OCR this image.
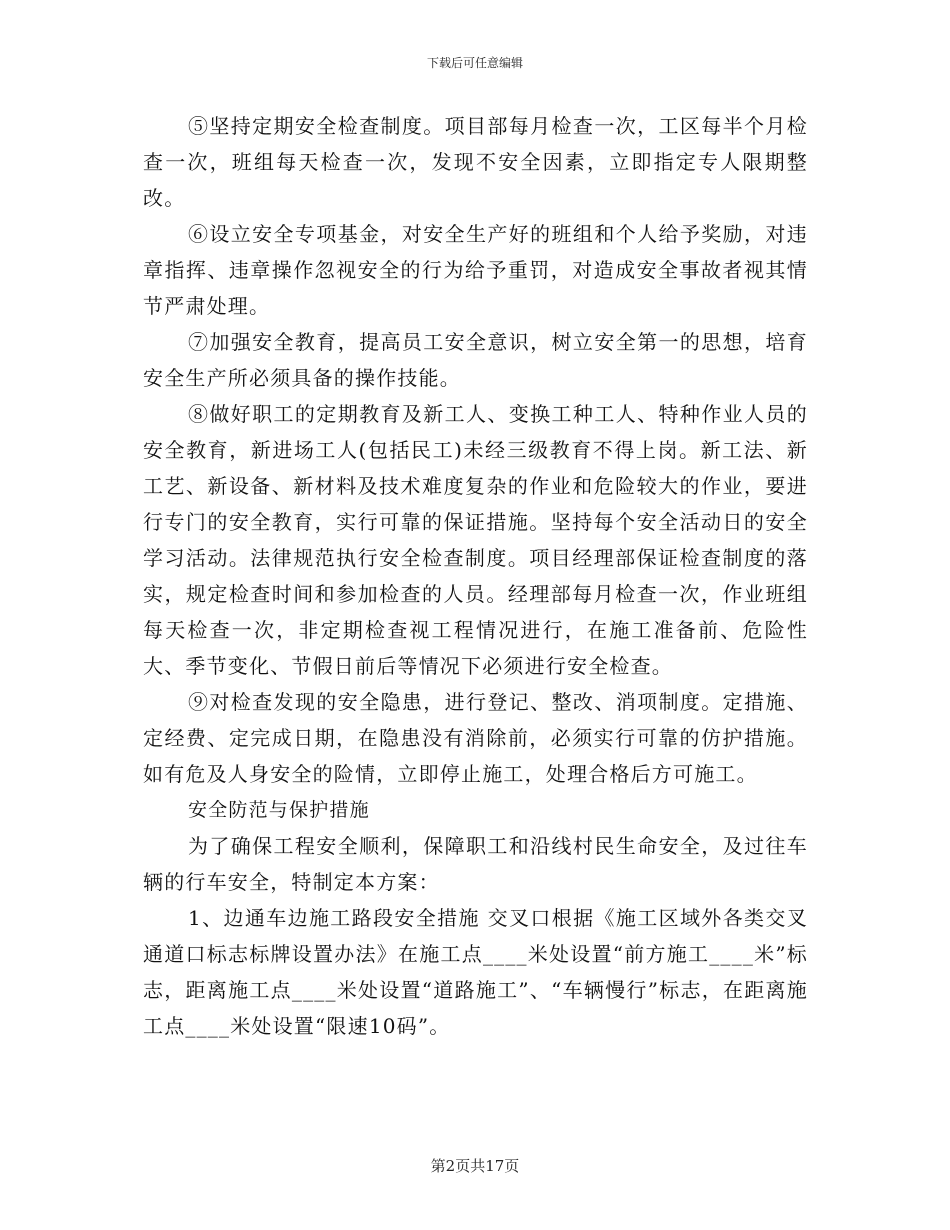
下载后可任意编辑

⑤坚持定期安全检查制度。项目部每月检查一次，工区每半个月检查一次，班组每天检查一次，发现不安全因素，立即指定专人限期整改。

⑥设立安全专项基金，对安全生产好的班组和个人给予奖励，对违章指挥、违章操作忽视安全的行为给予重罚，对造成安全事故者视其情节严肃处理。

⑦加强安全教育，提高员工安全意识，树立安全第一的思想，培育安全生产所必须具备的操作技能。

⑧做好职工的定期教育及新工人、变换工种工人、特种作业人员的安全教育，新进场工人(包括民工)未经三级教育不得上岗。新工法、新工艺、新设备、新材料及技术难度复杂的作业和危险较大的作业，要进行专门的安全教育，实行可靠的保证措施。坚持每个安全活动日的安全学习活动。法律规范执行安全检查制度。项目经理部保证检查制度的落实，规定检查时间和参加检查的人员。经理部每月检查一次，作业班组每天检查一次，非定期检查视工程情况进行，在施工准备前、危险性大、季节变化、节假日前后等情况下必须进行安全检查。

⑨对检查发现的安全隐患，进行登记、整改、消项制度。定措施、定经费、定完成日期，在隐患没有消除前，必须实行可靠的仿护措施。如有危及人身安全的险情，立即停止施工，处理合格后方可施工。

安全防范与保护措施

为了确保工程安全顺利，保障职工和沿线村民生命安全，及过往车辆的行车安全，特制定本方案：

1、边通车边施工路段安全措施 交叉口根据《施工区域外各类交叉通道口标志标牌设置办法》在施工点____米处设置“前方施工____米”标志，距离施工点____米处设置“道路施工”、“车辆慢行”标志，在距离施工点____米处设置“限速10码”。

第2页共17页
